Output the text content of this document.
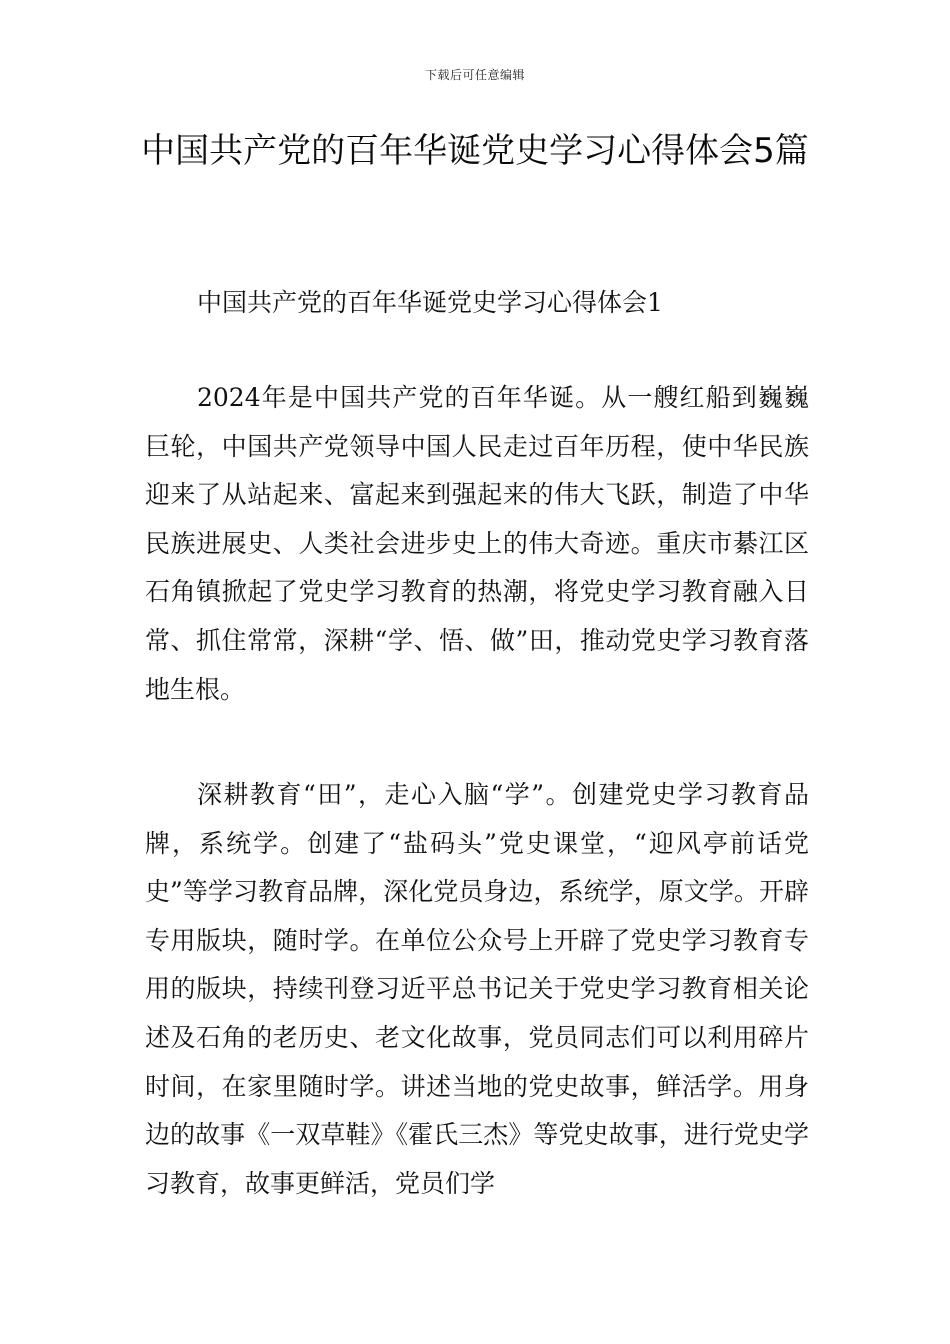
下载后可任意编辑
中国共产党的百年华诞党史学习心得体会5篇

中国共产党的百年华诞党史学习心得体会1

2024年是中国共产党的百年华诞。从一艘红船到巍巍巨轮，中国共产党领导中国人民走过百年历程，使中华民族迎来了从站起来、富起来到强起来的伟大飞跃，制造了中华民族进展史、人类社会进步史上的伟大奇迹。重庆市綦江区石角镇掀起了党史学习教育的热潮，将党史学习教育融入日常、抓住常常，深耕“学、悟、做”田，推动党史学习教育落地生根。

深耕教育“田”，走心入脑“学”。创建党史学习教育品牌，系统学。创建了“盐码头”党史课堂，“迎风亭前话党史”等学习教育品牌，深化党员身边，系统学，原文学。开辟专用版块，随时学。在单位公众号上开辟了党史学习教育专用的版块，持续刊登习近平总书记关于党史学习教育相关论述及石角的老历史、老文化故事，党员同志们可以利用碎片时间，在家里随时学。讲述当地的党史故事，鲜活学。用身边的故事《一双草鞋》《霍氏三杰》等党史故事，进行党史学习教育，故事更鲜活，党员们学
